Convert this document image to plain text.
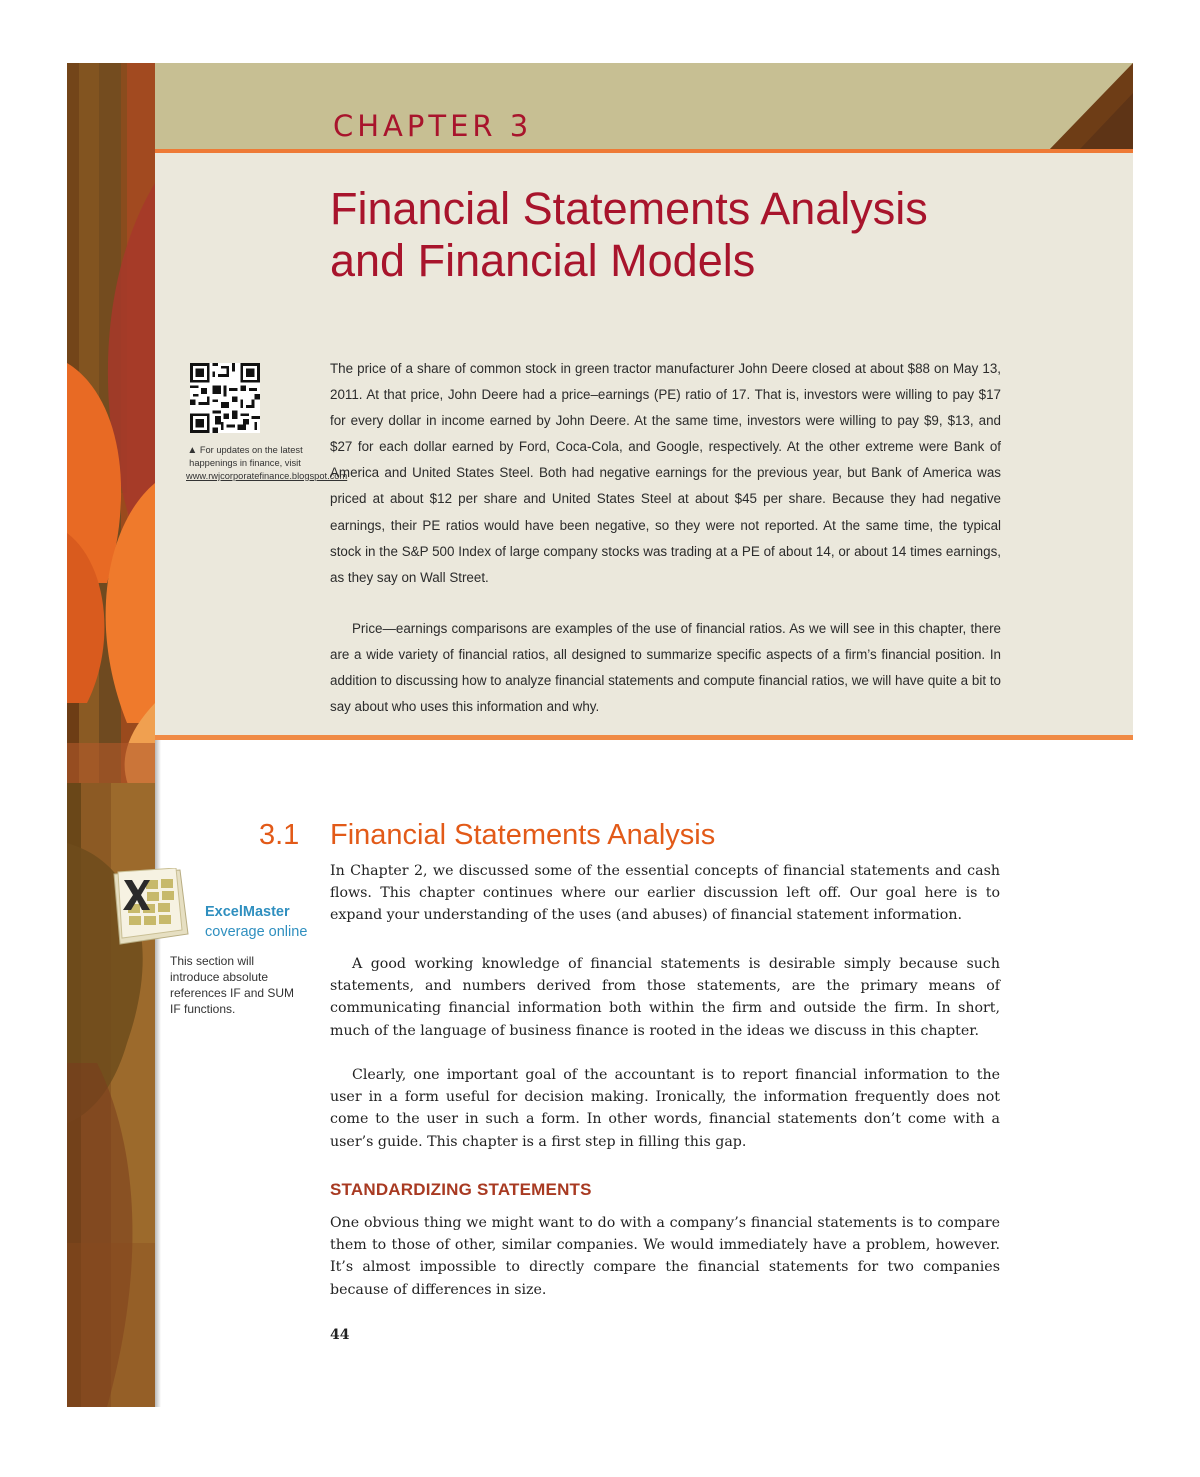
CHAPTER 3
Financial Statements Analysis
and Financial Models
▲ For updates on the latest happenings in finance, visit www.rwjcorporatefinance.blogspot.com

The price of a share of common stock in green tractor manufacturer John Deere closed at about $88 on May 13, 2011. At that price, John Deere had a price–earnings (PE) ratio of 17. That is, investors were willing to pay $17 for every dollar in income earned by John Deere. At the same time, investors were willing to pay $9, $13, and $27 for each dollar earned by Ford, Coca-Cola, and Google, respectively. At the other extreme were Bank of America and United States Steel. Both had negative earnings for the previous year, but Bank of America was priced at about $12 per share and United States Steel at about $45 per share. Because they had negative earnings, their PE ratios would have been negative, so they were not reported. At the same time, the typical stock in the S&P 500 Index of large company stocks was trading at a PE of about 14, or about 14 times earnings, as they say on Wall Street.

Price—earnings comparisons are examples of the use of financial ratios. As we will see in this chapter, there are a wide variety of financial ratios, all designed to summarize specific aspects of a firm’s financial position. In addition to discussing how to analyze financial statements and compute financial ratios, we will have quite a bit to say about who uses this information and why.

3.1 Financial Statements Analysis

In Chapter 2, we discussed some of the essential concepts of financial statements and cash flows. This chapter continues where our earlier discussion left off. Our goal here is to expand your understanding of the uses (and abuses) of financial statement information.

A good working knowledge of financial statements is desirable simply because such statements, and numbers derived from those statements, are the primary means of communicating financial information both within the firm and outside the firm. In short, much of the language of business finance is rooted in the ideas we discuss in this chapter.

Clearly, one important goal of the accountant is to report financial information to the user in a form useful for decision making. Ironically, the information frequently does not come to the user in such a form. In other words, financial statements don’t come with a user’s guide. This chapter is a first step in filling this gap.

STANDARDIZING STATEMENTS

One obvious thing we might want to do with a company’s financial statements is to compare them to those of other, similar companies. We would immediately have a problem, however. It’s almost impossible to directly compare the financial statements for two companies because of differences in size.

44
ExcelMaster
coverage online
This section will introduce absolute references IF and SUM IF functions.
